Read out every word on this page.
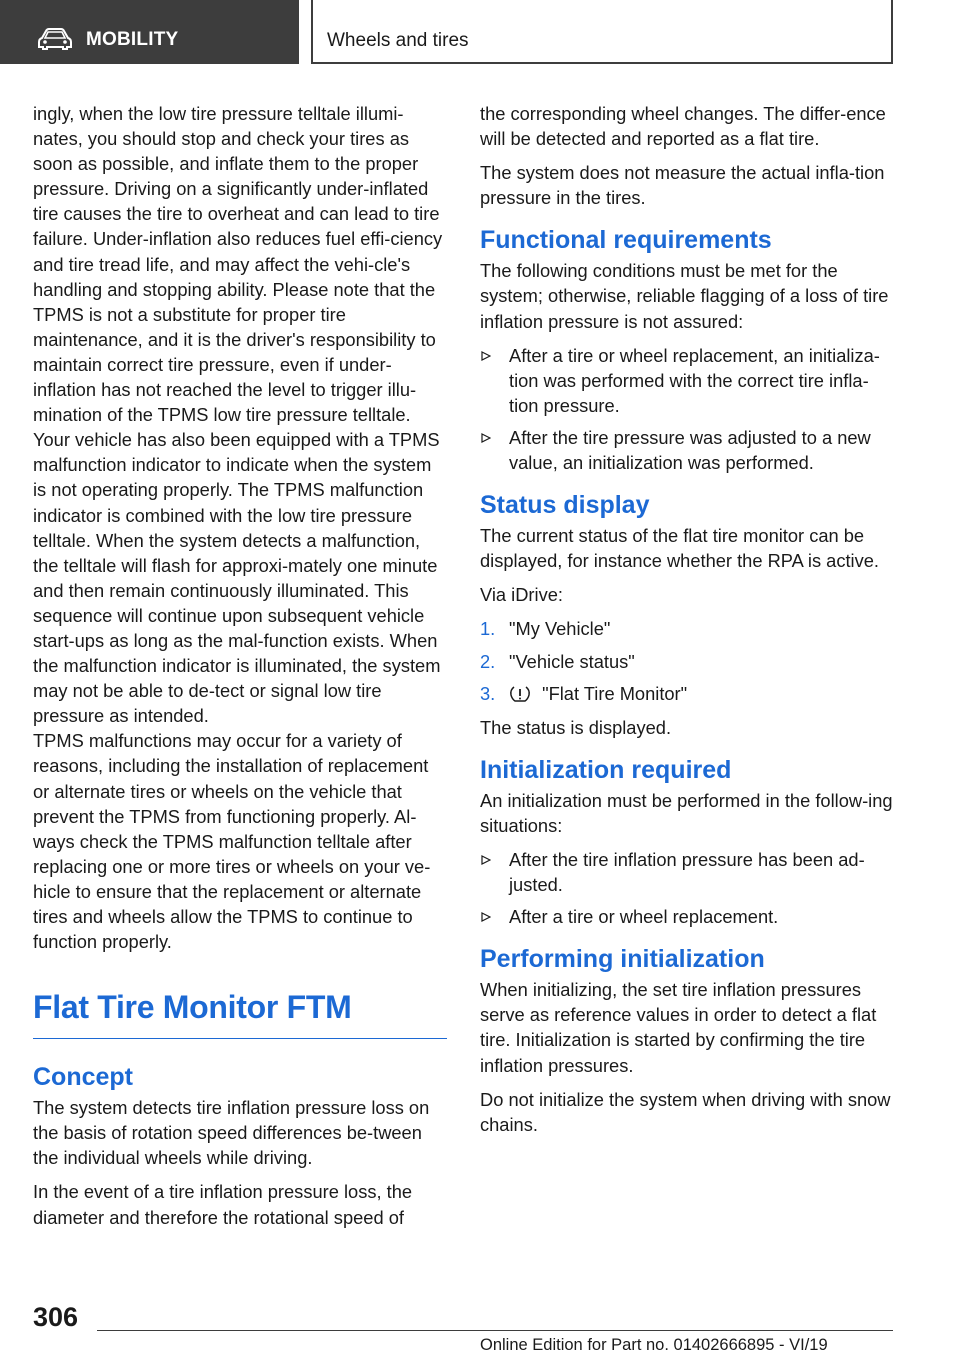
MOBILITY	Wheels and tires

ingly, when the low tire pressure telltale illumi-nates, you should stop and check your tires as soon as possible, and inflate them to the proper pressure. Driving on a significantly under-inflated tire causes the tire to overheat and can lead to tire failure. Under-inflation also reduces fuel effi-ciency and tire tread life, and may affect the vehi-cle's handling and stopping ability. Please note that the TPMS is not a substitute for proper tire maintenance, and it is the driver's responsibility to maintain correct tire pressure, even if under-inflation has not reached the level to trigger illu-mination of the TPMS low tire pressure telltale.

Your vehicle has also been equipped with a TPMS malfunction indicator to indicate when the system is not operating properly. The TPMS malfunction indicator is combined with the low tire pressure telltale. When the system detects a malfunction, the telltale will flash for approxi-mately one minute and then remain continuously illuminated. This sequence will continue upon subsequent vehicle start-ups as long as the mal-function exists. When the malfunction indicator is illuminated, the system may not be able to de-tect or signal low tire pressure as intended.

TPMS malfunctions may occur for a variety of reasons, including the installation of replacement or alternate tires or wheels on the vehicle that prevent the TPMS from functioning properly. Al-ways check the TPMS malfunction telltale after replacing one or more tires or wheels on your ve-hicle to ensure that the replacement or alternate tires and wheels allow the TPMS to continue to function properly.

Flat Tire Monitor FTM
Concept

The system detects tire inflation pressure loss on the basis of rotation speed differences be-tween the individual wheels while driving.

In the event of a tire inflation pressure loss, the diameter and therefore the rotational speed of

the corresponding wheel changes. The differ-ence will be detected and reported as a flat tire.

The system does not measure the actual infla-tion pressure in the tires.

Functional requirements

The following conditions must be met for the system; otherwise, reliable flagging of a loss of tire inflation pressure is not assured:

After a tire or wheel replacement, an initializa-tion was performed with the correct tire infla-tion pressure.
After the tire pressure was adjusted to a new value, an initialization was performed.
Status display

The current status of the flat tire monitor can be displayed, for instance whether the RPA is active.

Via iDrive:

1. "My Vehicle"
2. "Vehicle status"
3.	"Flat Tire Monitor"

The status is displayed.

Initialization required

An initialization must be performed in the follow-ing situations:

After the tire inflation pressure has been ad-justed.
After a tire or wheel replacement.
Performing initialization

When initializing, the set tire inflation pressures serve as reference values in order to detect a flat tire. Initialization is started by confirming the tire inflation pressures.

Do not initialize the system when driving with snow chains.

306
Online Edition for Part no. 01402666895 - VI/19
